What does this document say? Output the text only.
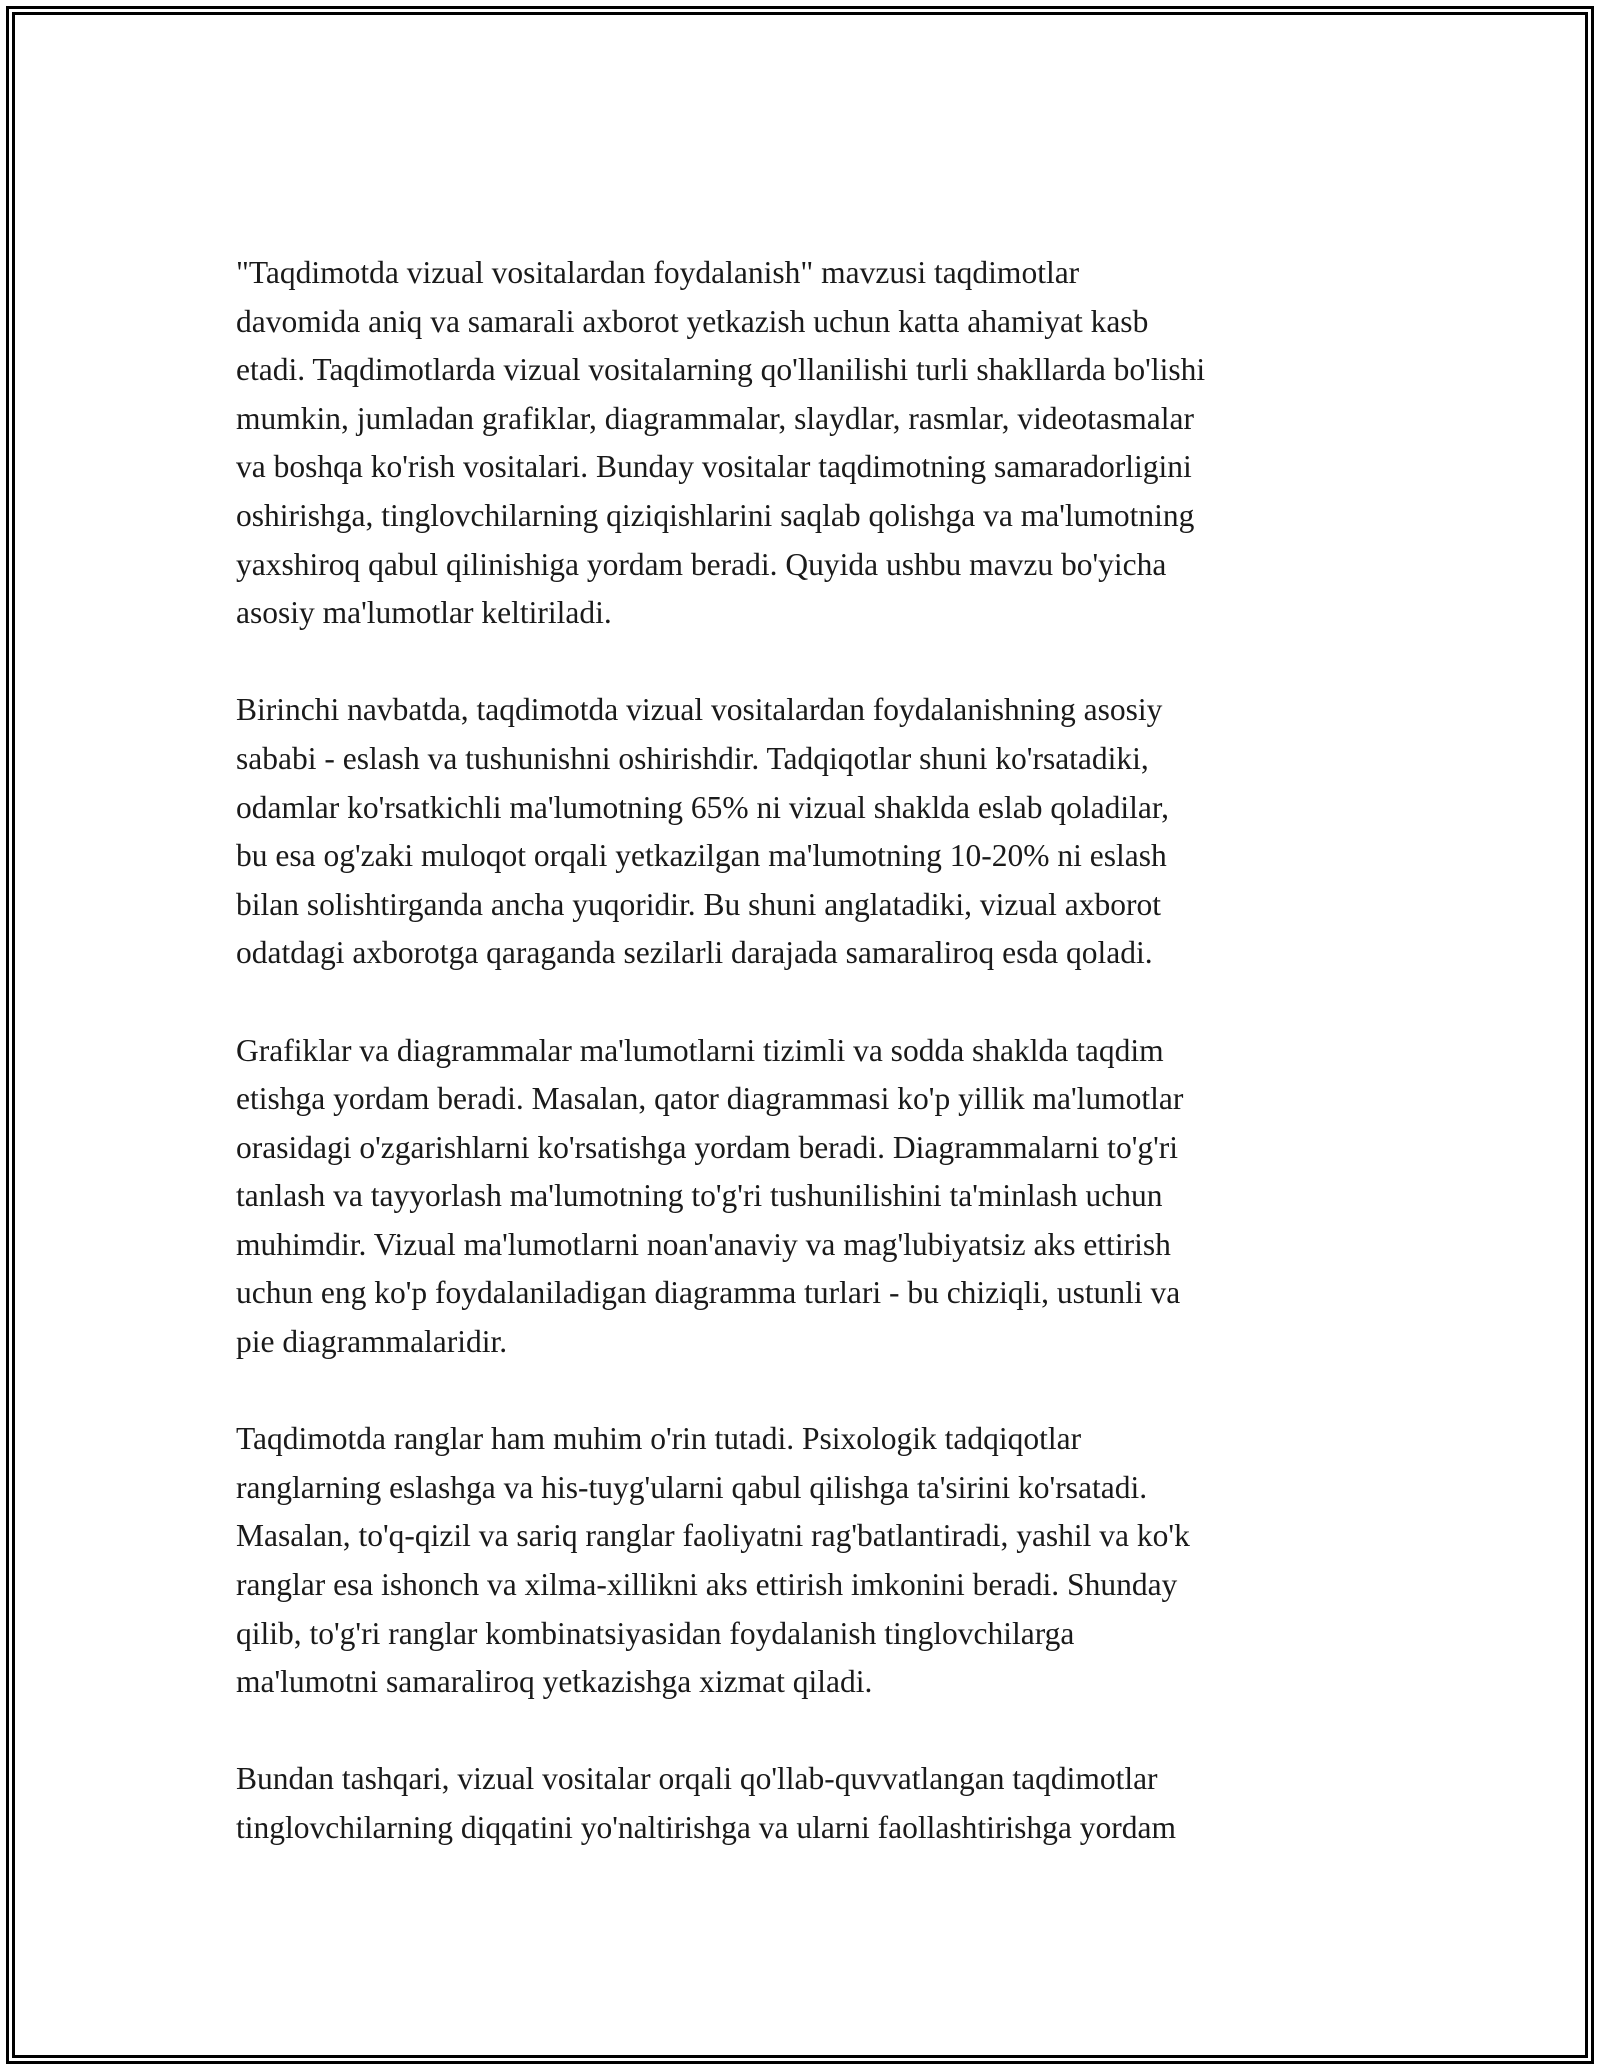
"Taqdimotda vizual vositalardan foydalanish" mavzusi taqdimotlar
davomida aniq va samarali axborot yetkazish uchun katta ahamiyat kasb
etadi. Taqdimotlarda vizual vositalarning qo'llanilishi turli shakllarda bo'lishi
mumkin, jumladan grafiklar, diagrammalar, slaydlar, rasmlar, videotasmalar
va boshqa ko'rish vositalari. Bunday vositalar taqdimotning samaradorligini
oshirishga, tinglovchilarning qiziqishlarini saqlab qolishga va ma'lumotning
yaxshiroq qabul qilinishiga yordam beradi. Quyida ushbu mavzu bo'yicha
asosiy ma'lumotlar keltiriladi.

Birinchi navbatda, taqdimotda vizual vositalardan foydalanishning asosiy
sababi - eslash va tushunishni oshirishdir. Tadqiqotlar shuni ko'rsatadiki,
odamlar ko'rsatkichli ma'lumotning 65% ni vizual shaklda eslab qoladilar,
bu esa og'zaki muloqot orqali yetkazilgan ma'lumotning 10-20% ni eslash
bilan solishtirganda ancha yuqoridir. Bu shuni anglatadiki, vizual axborot
odatdagi axborotga qaraganda sezilarli darajada samaraliroq esda qoladi.

Grafiklar va diagrammalar ma'lumotlarni tizimli va sodda shaklda taqdim
etishga yordam beradi. Masalan, qator diagrammasi ko'p yillik ma'lumotlar
orasidagi o'zgarishlarni ko'rsatishga yordam beradi. Diagrammalarni to'g'ri
tanlash va tayyorlash ma'lumotning to'g'ri tushunilishini ta'minlash uchun
muhimdir. Vizual ma'lumotlarni noan'anaviy va mag'lubiyatsiz aks ettirish
uchun eng ko'p foydalaniladigan diagramma turlari - bu chiziqli, ustunli va
pie diagrammalaridir.

Taqdimotda ranglar ham muhim o'rin tutadi. Psixologik tadqiqotlar
ranglarning eslashga va his-tuyg'ularni qabul qilishga ta'sirini ko'rsatadi.
Masalan, to'q-qizil va sariq ranglar faoliyatni rag'batlantiradi, yashil va ko'k
ranglar esa ishonch va xilma-xillikni aks ettirish imkonini beradi. Shunday
qilib, to'g'ri ranglar kombinatsiyasidan foydalanish tinglovchilarga
ma'lumotni samaraliroq yetkazishga xizmat qiladi.

Bundan tashqari, vizual vositalar orqali qo'llab-quvvatlangan taqdimotlar
tinglovchilarning diqqatini yo'naltirishga va ularni faollashtirishga yordam
